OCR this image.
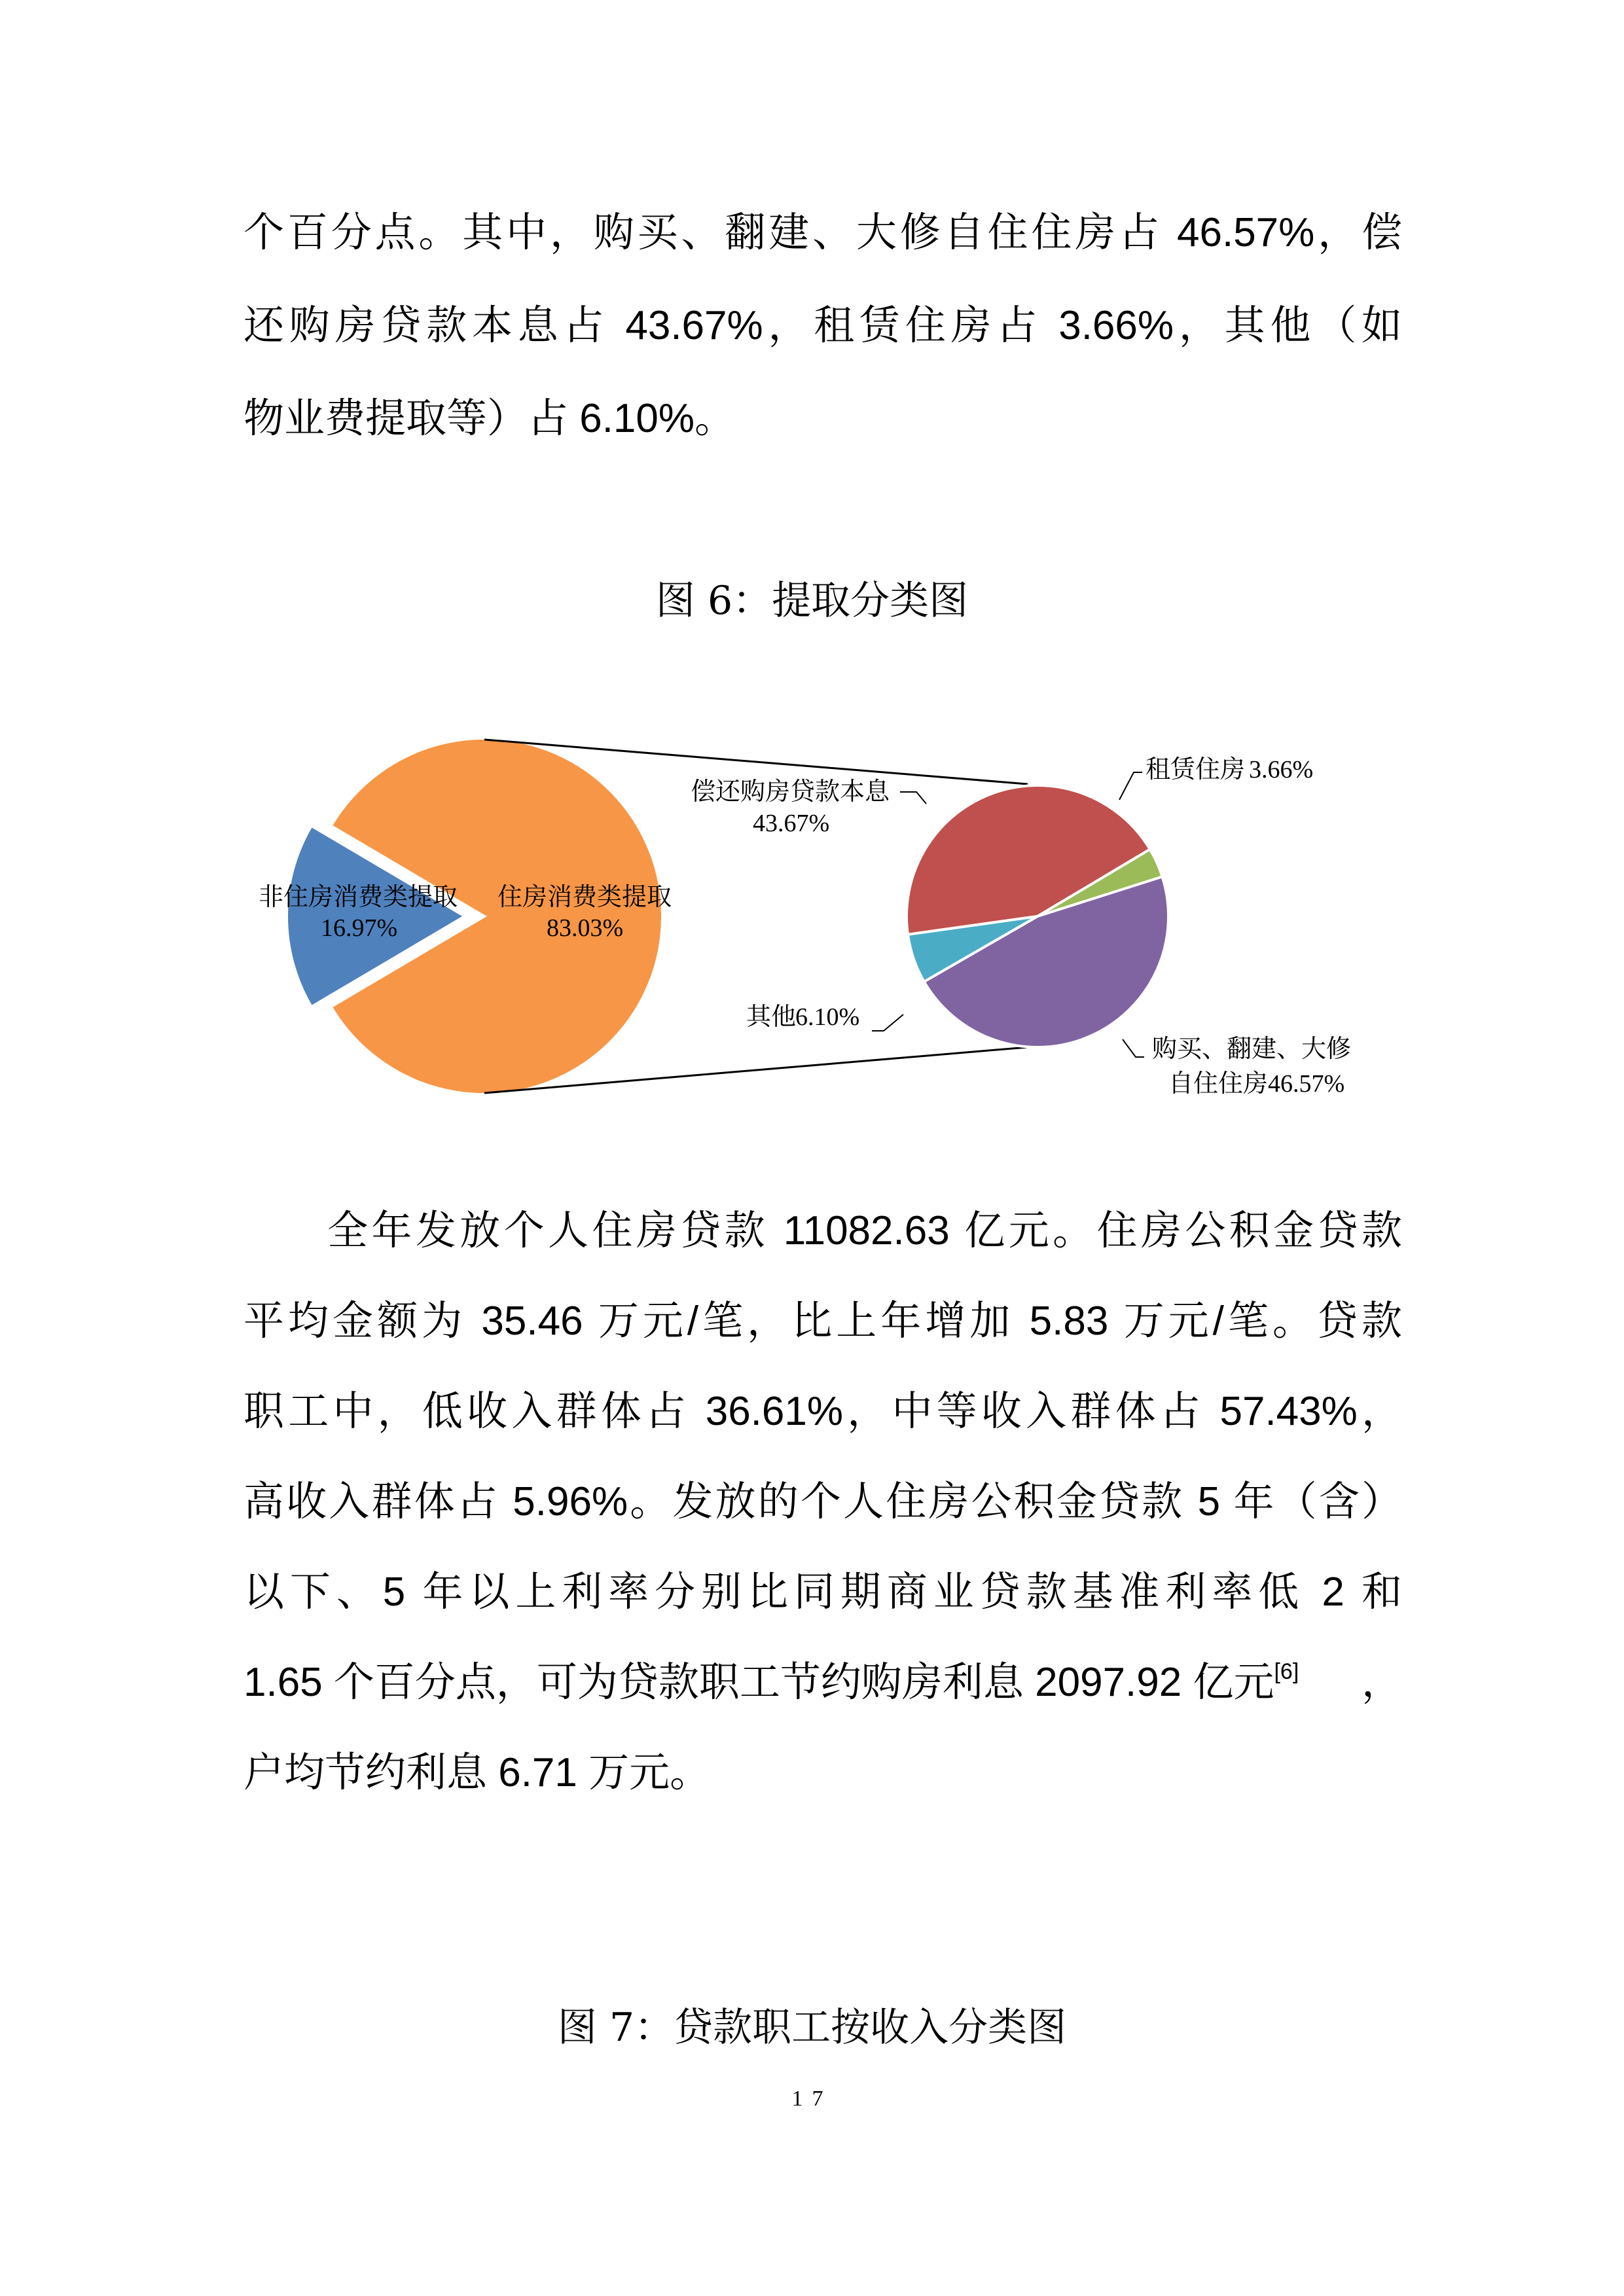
个百分点。其中，购买、翻建、大修自住住房占 46.57%，偿
还购房贷款本息占 43.67%，租赁住房占 3.66%，其他（如
物业费提取等）占 6.10%。
图 6：提取分类图
非住房消费类提取
16.97%
住房消费类提取
83.03%
偿还购房贷款本息
43.67%
租赁住房 3.66%
其他
6.10%
购买、翻建、大修
自住住房 46.57%
全年发放个人住房贷款 11082.63 亿元。住房公积金贷款
平均金额为 35.46 万元/笔，比上年增加 5.83 万元/笔。贷款
职工中，低收入群体占 36.61%，中等收入群体占 57.43%，
高收入群体占 5.96%。发放的个人住房公积金贷款 5 年（含）
以下、5 年以上利率分别比同期商业贷款基准利率低 2 和
1.65 个百分点，可为贷款职工节约购房利息 2097.92 亿元[6] ，
户均节约利息 6.71 万元。
图 7：贷款职工按收入分类图
17
